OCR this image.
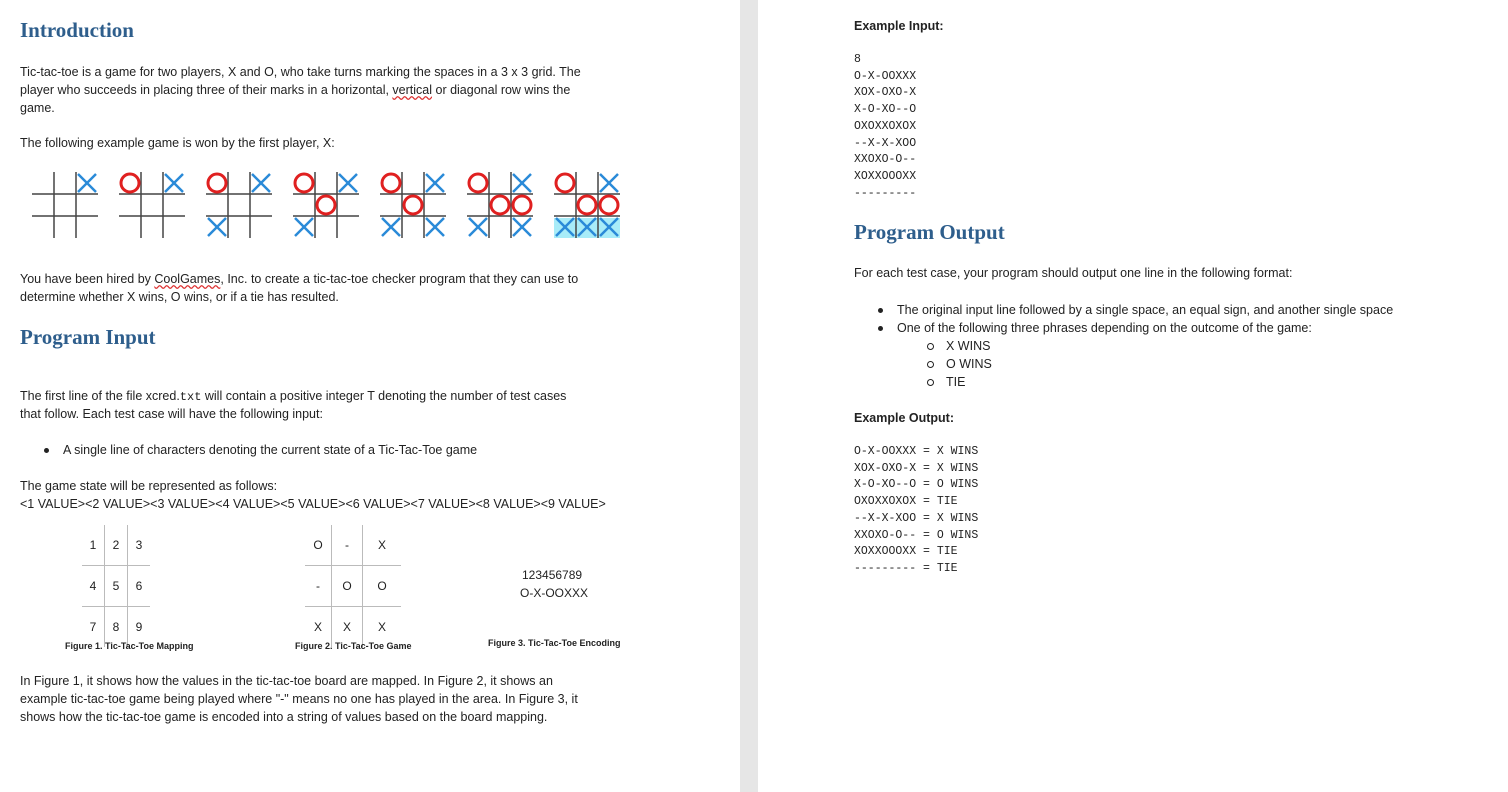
Introduction
Tic-tac-toe is a game for two players, X and O, who take turns marking the spaces in a 3 x 3 grid. The
player who succeeds in placing three of their marks in a horizontal, vertical or diagonal row wins the
game.
The following example game is won by the first player, X:
You have been hired by CoolGames, Inc. to create a tic-tac-toe checker program that they can use to
determine whether X wins, O wins, or if a tie has resulted.
Program Input
The first line of the file xcred.txt will contain a positive integer T denoting the number of test cases
that follow. Each test case will have the following input:
A single line of characters denoting the current state of a Tic-Tac-Toe game
The game state will be represented as follows:
<1 VALUE><2 VALUE><3 VALUE><4 VALUE><5 VALUE><6 VALUE><7 VALUE><8 VALUE><9 VALUE>
1	2	3
4	5	6
7	8	9
O	-	X
-	O	O
X	X	X
123456789
O-X-OOXXX
Figure 1. Tic-Tac-Toe Mapping	Figure 2. Tic-Tac-Toe Game	Figure 3. Tic-Tac-Toe Encoding
In Figure 1, it shows how the values in the tic-tac-toe board are mapped. In Figure 2, it shows an
example tic-tac-toe game being played where "-" means no one has played in the area. In Figure 3, it
shows how the tic-tac-toe game is encoded into a string of values based on the board mapping.
Example Input:
8
O-X-OOXXX
XOX-OXO-X
X-O-XO--O
OXOXXOXOX
--X-X-XOO
XXOXO-O--
XOXXOOOXX
---------
Program Output
For each test case, your program should output one line in the following format:
The original input line followed by a single space, an equal sign, and another single space
One of the following three phrases depending on the outcome of the game:
X WINS
O WINS
TIE
Example Output:
O-X-OOXXX = X WINS
XOX-OXO-X = X WINS
X-O-XO--O = O WINS
OXOXXOXOX = TIE
--X-X-XOO = X WINS
XXOXO-O-- = O WINS
XOXXOOOXX = TIE
--------- = TIE
